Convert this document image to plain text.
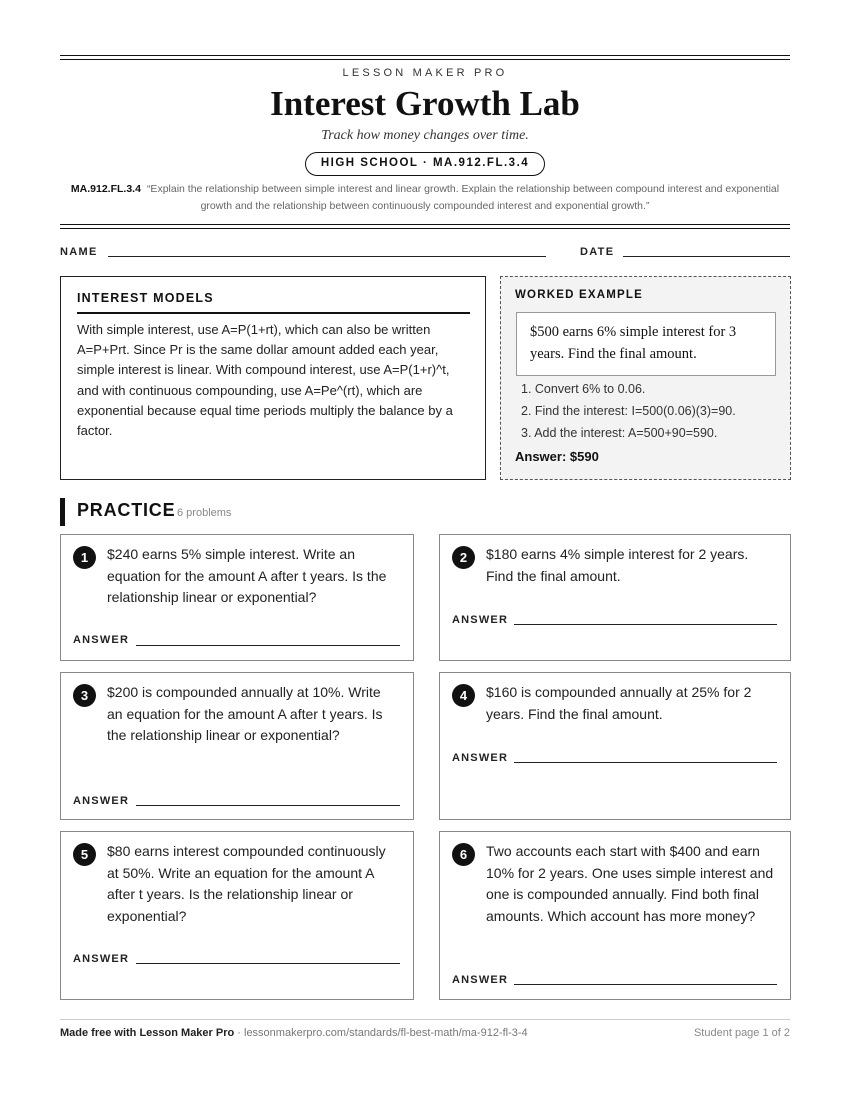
LESSON MAKER PRO
Interest Growth Lab
Track how money changes over time.
HIGH SCHOOL · MA.912.FL.3.4
MA.912.FL.3.4 “Explain the relationship between simple interest and linear growth. Explain the relationship between compound interest and exponential growth and the relationship between continuously compounded interest and exponential growth.”
NAME	DATE
INTEREST MODELS
With simple interest, use A=P(1+rt), which can also be written A=P+Prt. Since Pr is the same dollar amount added each year, simple interest is linear. With compound interest, use A=P(1+r)^t, and with continuous compounding, use A=Pe^(rt), which are exponential because equal time periods multiply the balance by a factor.
WORKED EXAMPLE
$500 earns 6% simple interest for 3 years. Find the final amount.
1. Convert 6% to 0.06.
2. Find the interest: I=500(0.06)(3)=90.
3. Add the interest: A=500+90=590.
Answer: $590
PRACTICE 6 problems
1	$240 earns 5% simple interest. Write an equation for the amount A after t years. Is the relationship linear or exponential?
ANSWER
2	$180 earns 4% simple interest for 2 years. Find the final amount.
ANSWER
3	$200 is compounded annually at 10%. Write an equation for the amount A after t years. Is the relationship linear or exponential?
ANSWER
4	$160 is compounded annually at 25% for 2 years. Find the final amount.
ANSWER
5	$80 earns interest compounded continuously at 50%. Write an equation for the amount A after t years. Is the relationship linear or exponential?
ANSWER
6	Two accounts each start with $400 and earn 10% for 2 years. One uses simple interest and one is compounded annually. Find both final amounts. Which account has more money?
ANSWER
Made free with Lesson Maker Pro · lessonmakerpro.com/standards/fl-best-math/ma-912-fl-3-4	Student page 1 of 2
